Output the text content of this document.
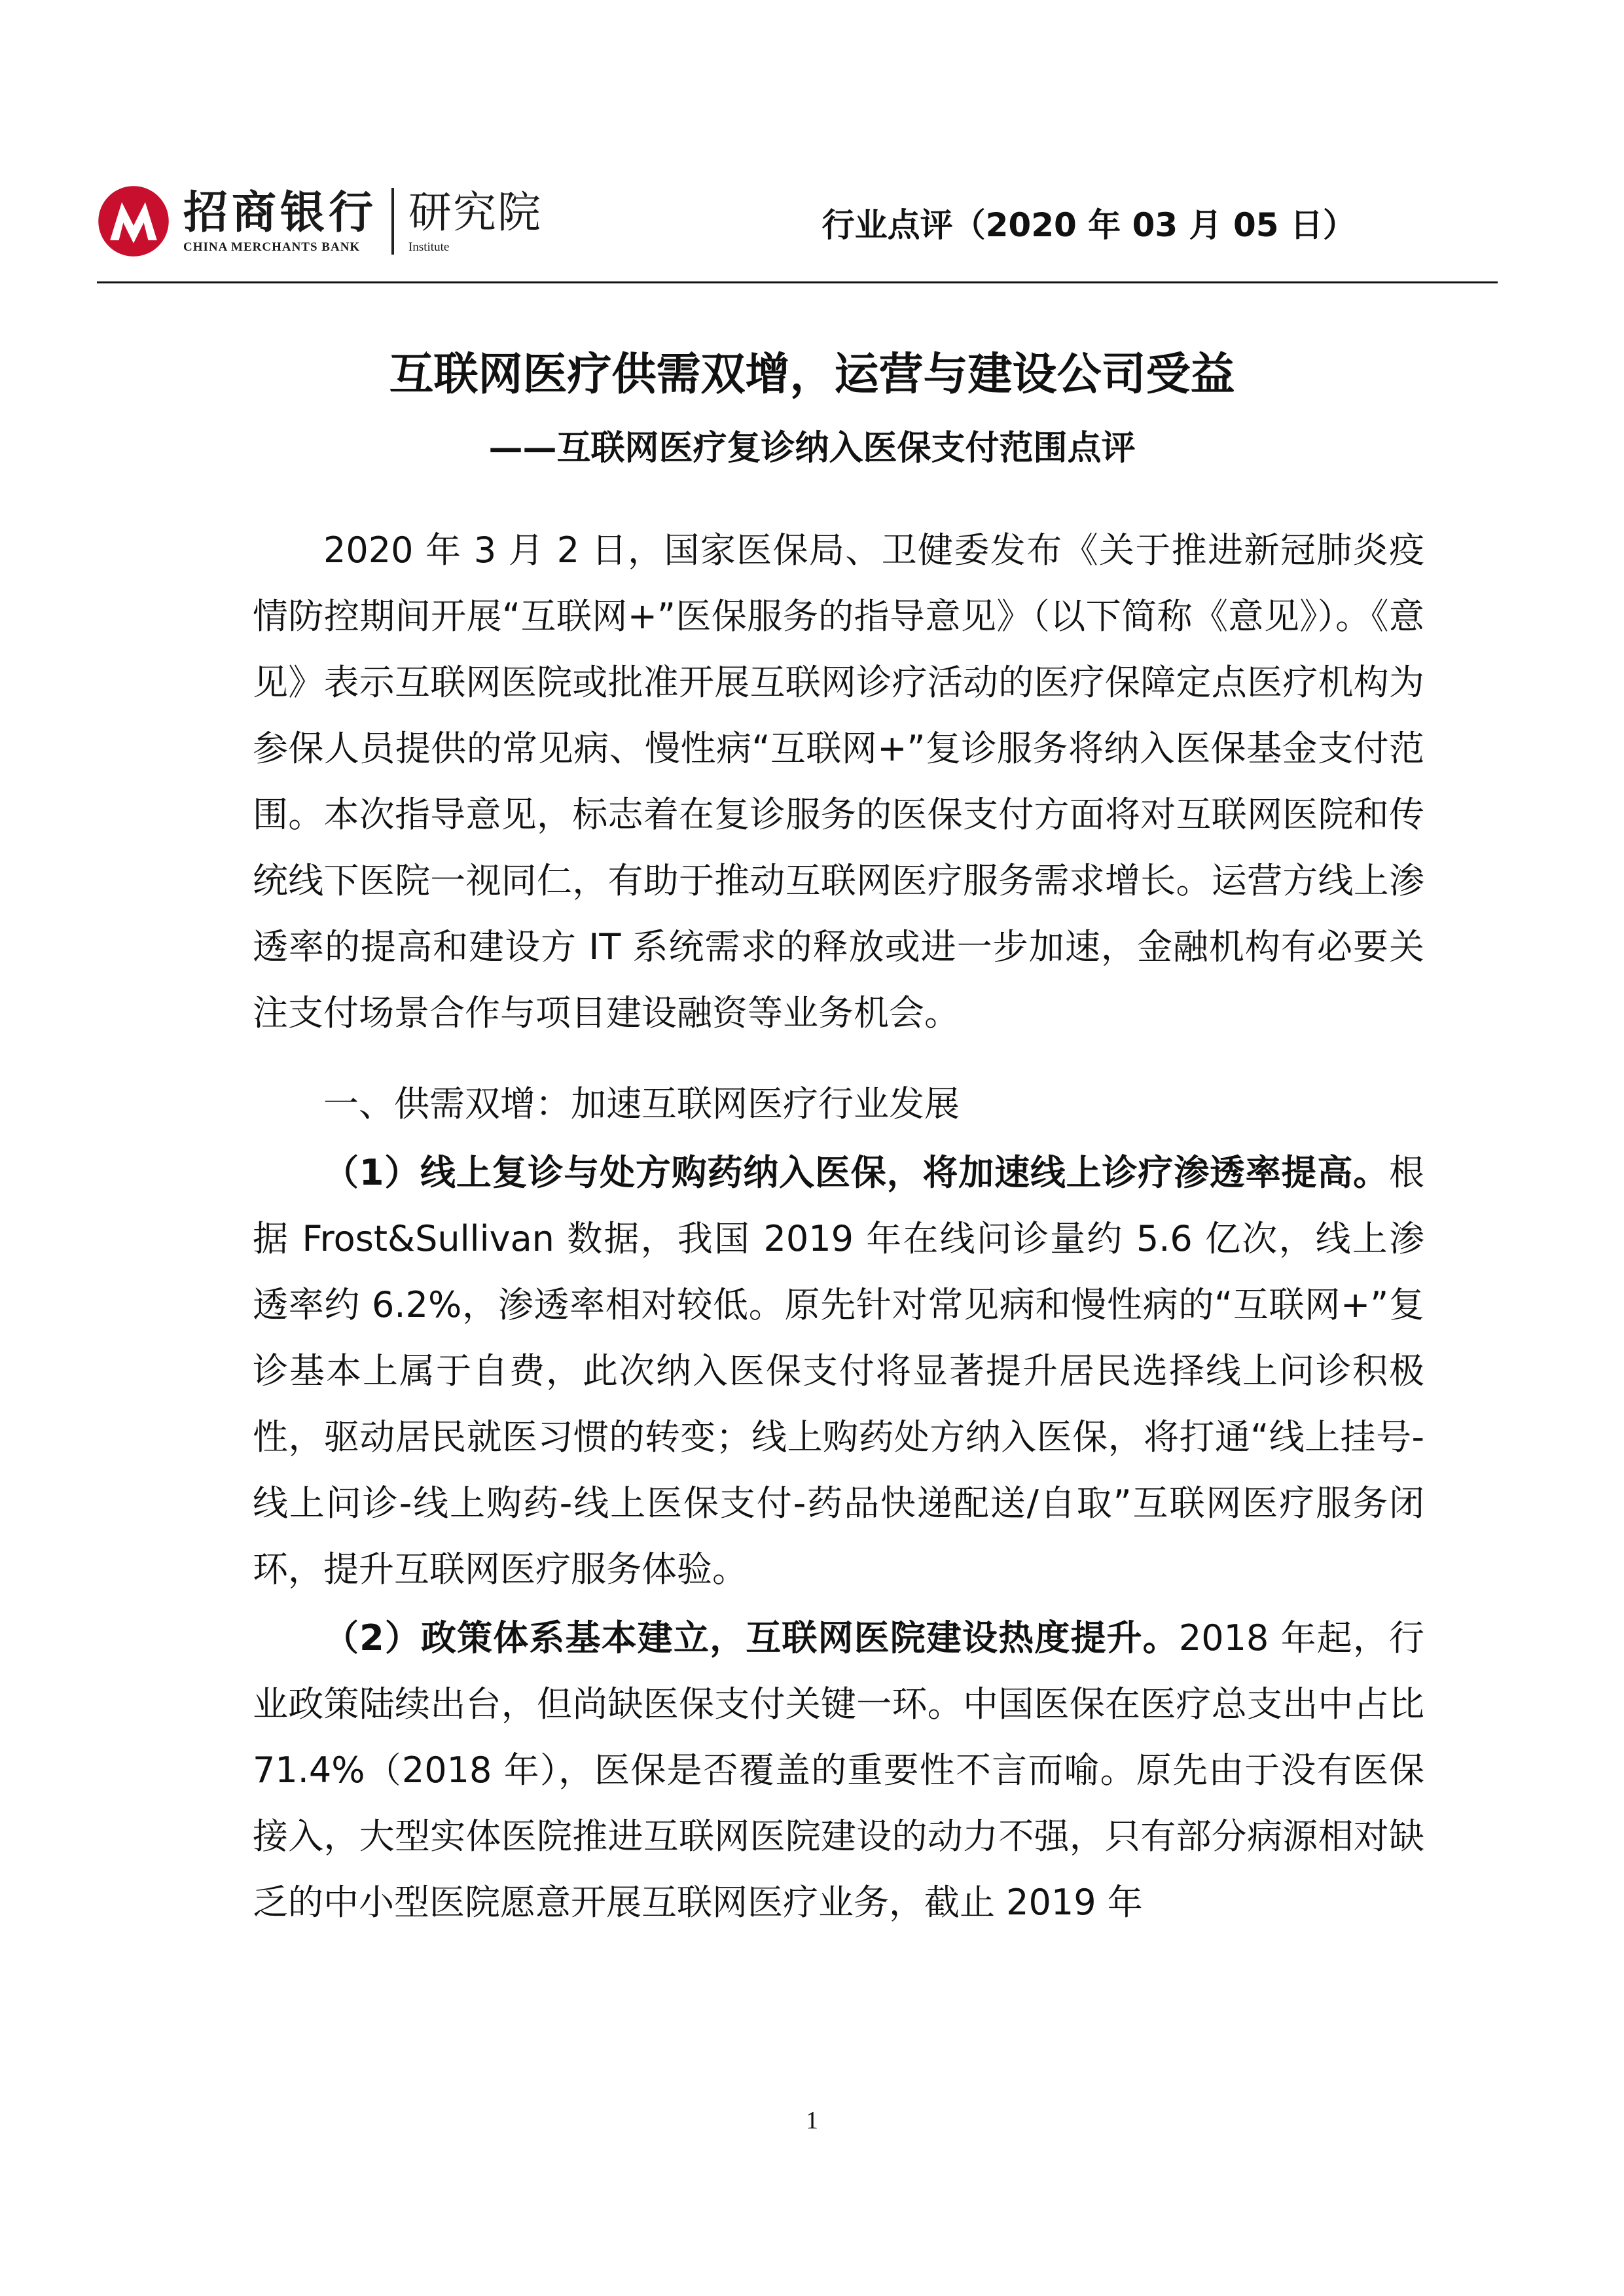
招商银行
CHINA MERCHANTS BANK
研究院
Institute
行业点评（2020 年 03 月 05 日）
互联网医疗供需双增，运营与建设公司受益
——互联网医疗复诊纳入医保支付范围点评

2020 年 3 月 2 日，国家医保局、卫健委发布《关于推进新冠肺炎疫情防控期间开展“互联网+”医保服务的指导意见》（以下简称《意见》）。《意见》表示互联网医院或批准开展互联网诊疗活动的医疗保障定点医疗机构为参保人员提供的常见病、慢性病“互联网+”复诊服务将纳入医保基金支付范围。本次指导意见，标志着在复诊服务的医保支付方面将对互联网医院和传统线下医院一视同仁，有助于推动互联网医疗服务需求增长。运营方线上渗透率的提高和建设方 IT 系统需求的释放或进一步加速，金融机构有必要关注支付场景合作与项目建设融资等业务机会。

一、供需双增：加速互联网医疗行业发展

（1）线上复诊与处方购药纳入医保，将加速线上诊疗渗透率提高。根据 Frost&Sullivan 数据，我国 2019 年在线问诊量约 5.6 亿次，线上渗透率约 6.2%，渗透率相对较低。原先针对常见病和慢性病的“互联网+”复诊基本上属于自费，此次纳入医保支付将显著提升居民选择线上问诊积极性，驱动居民就医习惯的转变；线上购药处方纳入医保，将打通“线上挂号-线上问诊-线上购药-线上医保支付-药品快递配送/自取”互联网医疗服务闭环，提升互联网医疗服务体验。

（2）政策体系基本建立，互联网医院建设热度提升。2018 年起，行业政策陆续出台，但尚缺医保支付关键一环。中国医保在医疗总支出中占比 71.4%（2018 年），医保是否覆盖的重要性不言而喻。原先由于没有医保接入，大型实体医院推进互联网医院建设的动力不强，只有部分病源相对缺乏的中小型医院愿意开展互联网医疗业务，截止 2019 年

1
